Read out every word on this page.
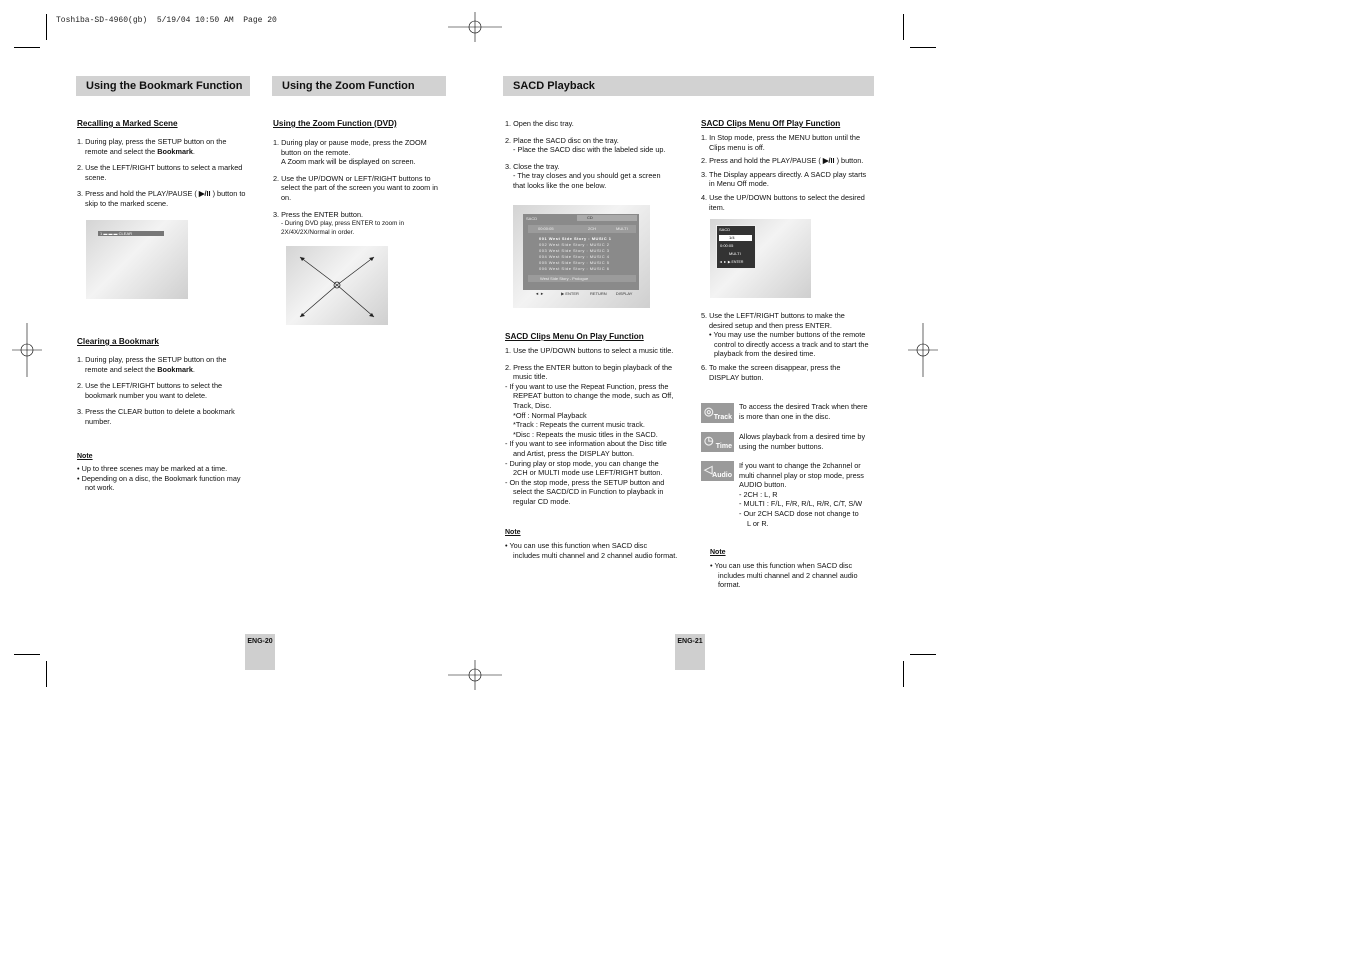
Toshiba-SD-4960(gb)  5/19/04 10:50 AM  Page 20
Using the Bookmark Function
Recalling a Marked Scene

1. During play, press the SETUP button on the
remote and select the Bookmark.

2. Use the LEFT/RIGHT buttons to select a marked
scene.

3. Press and hold the PLAY/PAUSE ( ▶/II ) button to
skip to the marked scene.

1 ▬ ▬ ▬ CLEAR
Clearing a Bookmark

1. During play, press the SETUP button on the
remote and select the Bookmark.

2. Use the LEFT/RIGHT buttons to select the
bookmark number you want to delete.

3. Press the CLEAR button to delete a bookmark
number.

Note

• Up to three scenes may be marked at a time.

• Depending on a disc, the Bookmark function may

not work.

Using the Zoom Function
Using the Zoom Function (DVD)

1. During play or pause mode, press the ZOOM
button on the remote.
A Zoom mark will be displayed on screen.

2. Use the UP/DOWN or LEFT/RIGHT buttons to
select the part of the screen you want to zoom in
on.

3. Press the ENTER button.

- During DVD play, press ENTER to zoom in
2X/4X/2X/Normal in order.

ENG-20
SACD Playback

1. Open the disc tray.

2. Place the SACD disc on the tray.
- Place the SACD disc with the labeled side up.

3. Close the tray.
- The tray closes and you should get a screen
that looks like the one below.

SACD	CD
00:00:05	2CH	MULTI
001 West Side Story : MUSIC 1
002 West Side Story : MUSIC 2
003 West Side Story : MUSIC 3
004 West Side Story : MUSIC 4
005 West Side Story : MUSIC 5
006 West Side Story : MUSIC 6
West Side Story - Prologue
◄ ►	▶ ENTER	RETURN DISPLAY
SACD Clips Menu On Play Function

1. Use the UP/DOWN buttons to select a music title.

2. Press the ENTER button to begin playback of the
music title.

- If you want to use the Repeat Function, press the
REPEAT button to change the mode, such as Off,
Track, Disc.

*Off : Normal Playback
*Track : Repeats the current music track.
*Disc : Repeats the music titles in the SACD.

- If you want to see information about the Disc title
and Artist, press the DISPLAY button.

- During play or stop mode, you can change the
2CH or MULTI mode use LEFT/RIGHT button.

- On the stop mode, press the SETUP button and
select the SACD/CD in Function to playback in
regular CD mode.

Note

• You can use this function when SACD disc

includes multi channel and 2 channel audio format.

ENG-21
SACD Clips Menu Off Play Function

1. In Stop mode, press the MENU button until the
Clips menu is off.

2. Press and hold the PLAY/PAUSE ( ▶/II ) button.

3. The Display appears directly. A SACD play starts
in Menu Off mode.

4. Use the UP/DOWN buttons to select the desired
item.

SACD
1/4
0:00:05
MULTI
◄ ► ▶ ENTER

5. Use the LEFT/RIGHT buttons to make the
desired setup and then press ENTER.

• You may use the number buttons of the remote
control to directly access a track and to start the
playback from the desired time.

6. To make the screen disappear, press the
DISPLAY button.

◎ Track

To access the desired Track when there

is more than one in the disc.

◷ Time

Allows playback from a desired time by

using the number buttons.

◁ Audio

If you want to change the 2channel or

multi channel play or stop mode, press

AUDIO button.

- 2CH : L, R

- MULTI : F/L, F/R, R/L, R/R, C/T, S/W

- Our 2CH SACD dose not change to

L or R.

Note

• You can use this function when SACD disc

includes multi channel and 2 channel audio

format.
